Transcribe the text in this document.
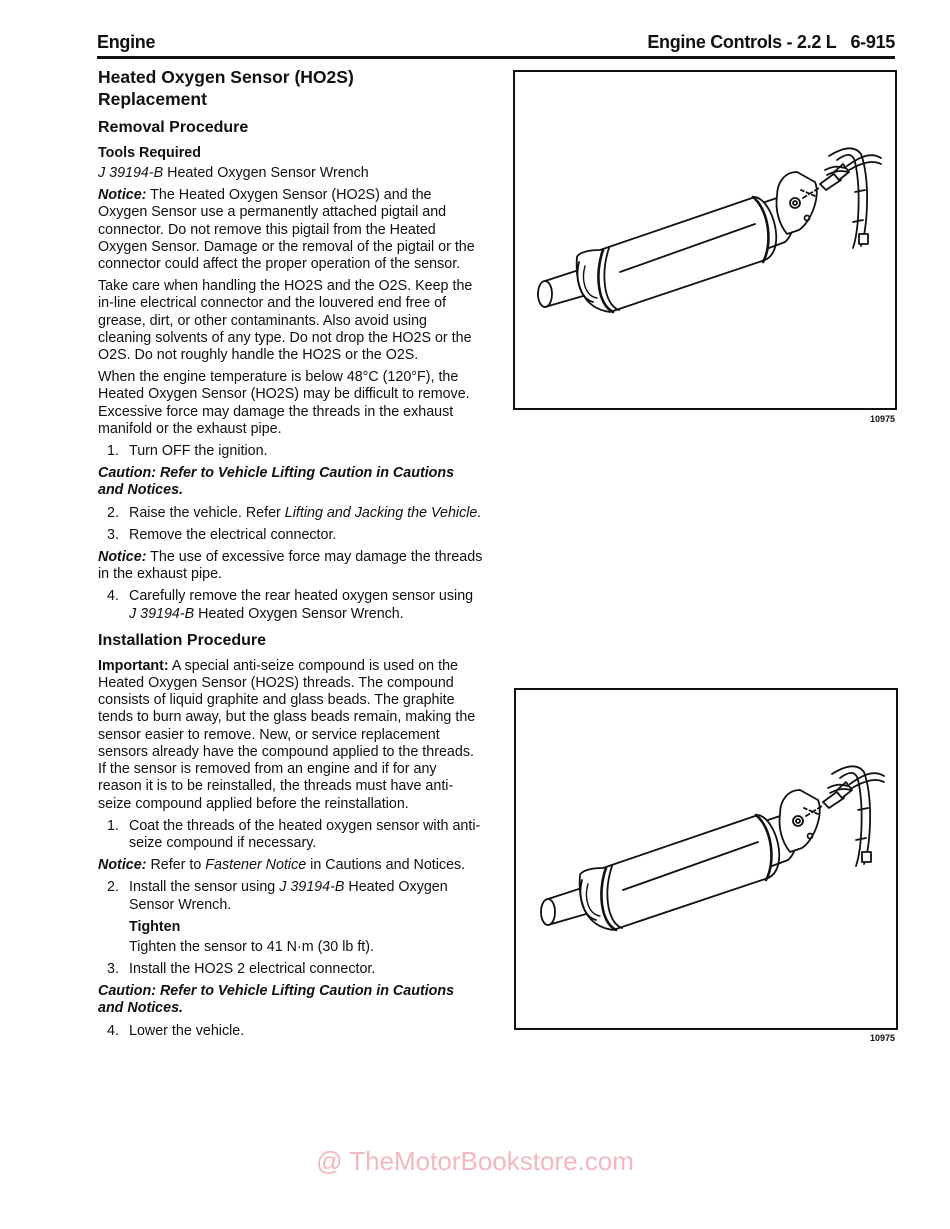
Engine	Engine Controls - 2.2 L 6-915
Heated Oxygen Sensor (HO2S)
Replacement
Removal Procedure
Tools Required

J 39194-B Heated Oxygen Sensor Wrench

Notice: The Heated Oxygen Sensor (HO2S) and the Oxygen Sensor use a permanently attached pigtail and connector. Do not remove this pigtail from the Heated Oxygen Sensor. Damage or the removal of the pigtail or the connector could affect the proper operation of the sensor.

Take care when handling the HO2S and the O2S. Keep the in-line electrical connector and the louvered end free of grease, dirt, or other contaminants. Also avoid using cleaning solvents of any type. Do not drop the HO2S or the O2S. Do not roughly handle the HO2S or the O2S.

When the engine temperature is below 48°C (120°F), the Heated Oxygen Sensor (HO2S) may be difficult to remove. Excessive force may damage the threads in the exhaust manifold or the exhaust pipe.

1. Turn OFF the ignition.
Caution: Refer to Vehicle Lifting Caution in Cautions and Notices.
2. Raise the vehicle. Refer Lifting and Jacking the Vehicle.
3. Remove the electrical connector.

Notice: The use of excessive force may damage the threads in the exhaust pipe.

4. Carefully remove the rear heated oxygen sensor using J 39194-B Heated Oxygen Sensor Wrench.
Installation Procedure

Important: A special anti-seize compound is used on the Heated Oxygen Sensor (HO2S) threads. The compound consists of liquid graphite and glass beads. The graphite tends to burn away, but the glass beads remain, making the sensor easier to remove. New, or service replacement sensors already have the compound applied to the threads. If the sensor is removed from an engine and if for any reason it is to be reinstalled, the threads must have anti-seize compound applied before the reinstallation.

1. Coat the threads of the heated oxygen sensor with anti-seize compound if necessary.

Notice: Refer to Fastener Notice in Cautions and Notices.

2. Install the sensor using J 39194-B Heated Oxygen Sensor Wrench.
Tighten

Tighten the sensor to 41 N·m (30 lb ft).

3. Install the HO2S 2 electrical connector.
Caution: Refer to Vehicle Lifting Caution in Cautions and Notices.
4. Lower the vehicle.
10975
10975
@ TheMotorBookstore.com
